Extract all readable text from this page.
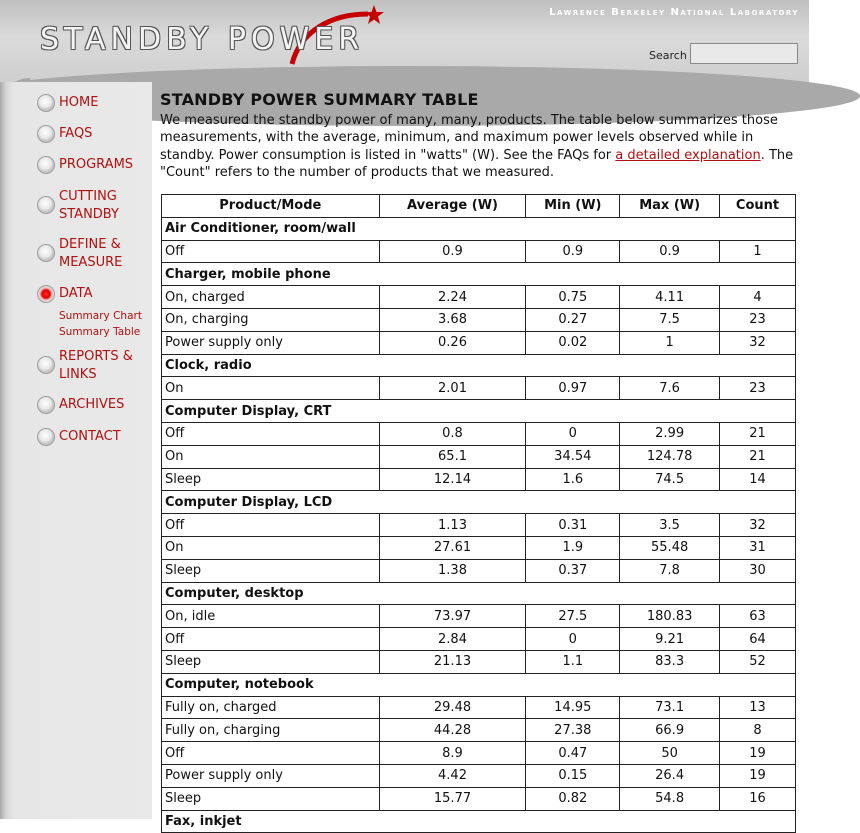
STANDBY POWER
Lawrence Berkeley National Laboratory
Search
HOME
FAQS
PROGRAMS
CUTTING
STANDBY
DEFINE &
MEASURE
DATA
Summary Chart
Summary Table
REPORTS &
LINKS
ARCHIVES
CONTACT
STANDBY POWER SUMMARY TABLE

We measured the standby power of many, many, products. The table below summarizes those measurements, with the average, minimum, and maximum power levels observed while in standby. Power consumption is listed in "watts" (W). See the FAQs for a detailed explanation. The "Count" refers to the number of products that we measured.

Product/Mode	Average (W)	Min (W)	Max (W)	Count
Air Conditioner, room/wall				
Off	0.9	0.9	0.9	1
Charger, mobile phone				
On, charged	2.24	0.75	4.11	4
On, charging	3.68	0.27	7.5	23
Power supply only	0.26	0.02	1	32
Clock, radio				
On	2.01	0.97	7.6	23
Computer Display, CRT				
Off	0.8	0	2.99	21
On	65.1	34.54	124.78	21
Sleep	12.14	1.6	74.5	14
Computer Display, LCD				
Off	1.13	0.31	3.5	32
On	27.61	1.9	55.48	31
Sleep	1.38	0.37	7.8	30
Computer, desktop				
On, idle	73.97	27.5	180.83	63
Off	2.84	0	9.21	64
Sleep	21.13	1.1	83.3	52
Computer, notebook				
Fully on, charged	29.48	14.95	73.1	13
Fully on, charging	44.28	27.38	66.9	8
Off	8.9	0.47	50	19
Power supply only	4.42	0.15	26.4	19
Sleep	15.77	0.82	54.8	16
Fax, inkjet				
